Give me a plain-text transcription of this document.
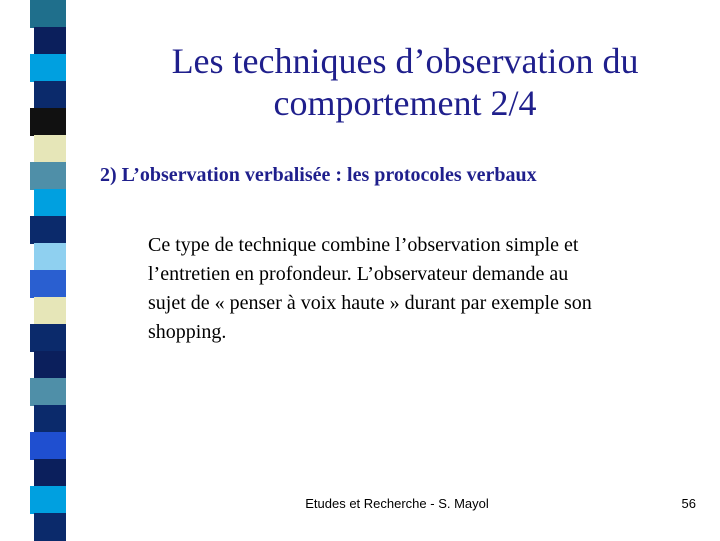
Les techniques d’observation du
comportement 2/4
2) L’observation verbalisée : les protocoles verbaux
Ce type de technique combine l’observation simple et
l’entretien en profondeur. L’observateur demande au
sujet de « penser à voix haute » durant par exemple son
shopping.
Etudes et Recherche - S. Mayol	56
